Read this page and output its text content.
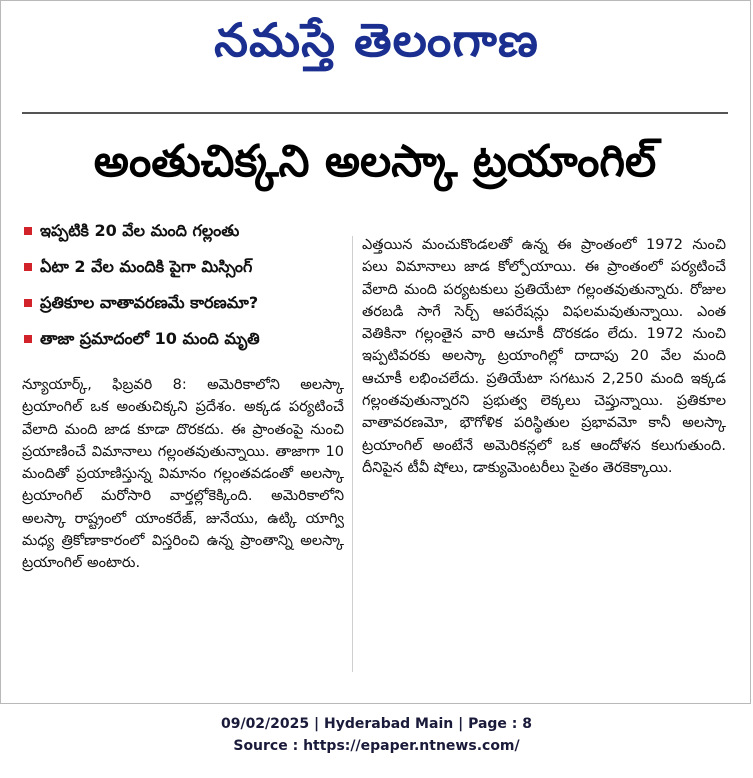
నమస్తే తెలంగాణ
అంతుచిక్కని అలస్కా ట్రయాంగిల్
ఇప్పటికి 20 వేల మంది గల్లంతు
ఏటా 2 వేల మందికి పైగా మిస్సింగ్
ప్రతికూల వాతావరణమే కారణమా?
తాజా ప్రమాదంలో 10 మంది మృతి
న్యూయార్క్, ఫిబ్రవరి 8: అమెరికాలోని అలస్కా ట్రయాంగిల్ ఒక అంతుచిక్కని ప్రదేశం. అక్కడ పర్యటించే వేలాది మంది జాడ కూడా దొరకదు. ఈ ప్రాంతంపై నుంచి ప్రయాణించే విమానాలు గల్లంతవుతున్నాయి. తాజాగా 10 మందితో ప్రయాణిస్తున్న విమానం గల్లంతవడంతో అలస్కా ట్రయాంగిల్ మరోసారి వార్తల్లోకెక్కింది. అమెరికాలోని అలస్కా రాష్ట్రంలో యాంకరేజ్, జునేయు, ఉట్కి యాగ్వి మధ్య త్రికోణాకారంలో విస్తరించి ఉన్న ప్రాంతాన్ని అలస్కా ట్రయాంగిల్ అంటారు.
ఎత్తయిన మంచుకొండలతో ఉన్న ఈ ప్రాంతంలో 1972 నుంచి పలు విమానాలు జాడ కోల్పోయాయి. ఈ ప్రాంతంలో పర్యటించే వేలాది మంది పర్యటకులు ప్రతియేటా గల్లంతవుతున్నారు. రోజుల తరబడి సాగే సెర్చ్ ఆపరేషన్లు విఫలమవుతున్నాయి. ఎంత వెతికినా గల్లంతైన వారి ఆచూకీ దొరకడం లేదు. 1972 నుంచి ఇప్పటివరకు అలస్కా ట్రయాంగిల్లో దాదాపు 20 వేల మంది ఆచూకీ లభించలేదు. ప్రతియేటా సగటున 2,250 మంది ఇక్కడ గల్లంతవుతున్నారని ప్రభుత్వ లెక్కలు చెప్తున్నాయి. ప్రతికూల వాతావరణమో, భౌగోళిక పరిస్థితుల ప్రభావమో కానీ అలస్కా ట్రయాంగిల్ అంటేనే అమెరికన్లలో ఒక ఆందోళన కలుగుతుంది. దీనిపైన టీవీ షోలు, డాక్యుమెంటరీలు సైతం తెరకెక్కాయి.
09/02/2025 | Hyderabad Main | Page : 8
Source : https://epaper.ntnews.com/
